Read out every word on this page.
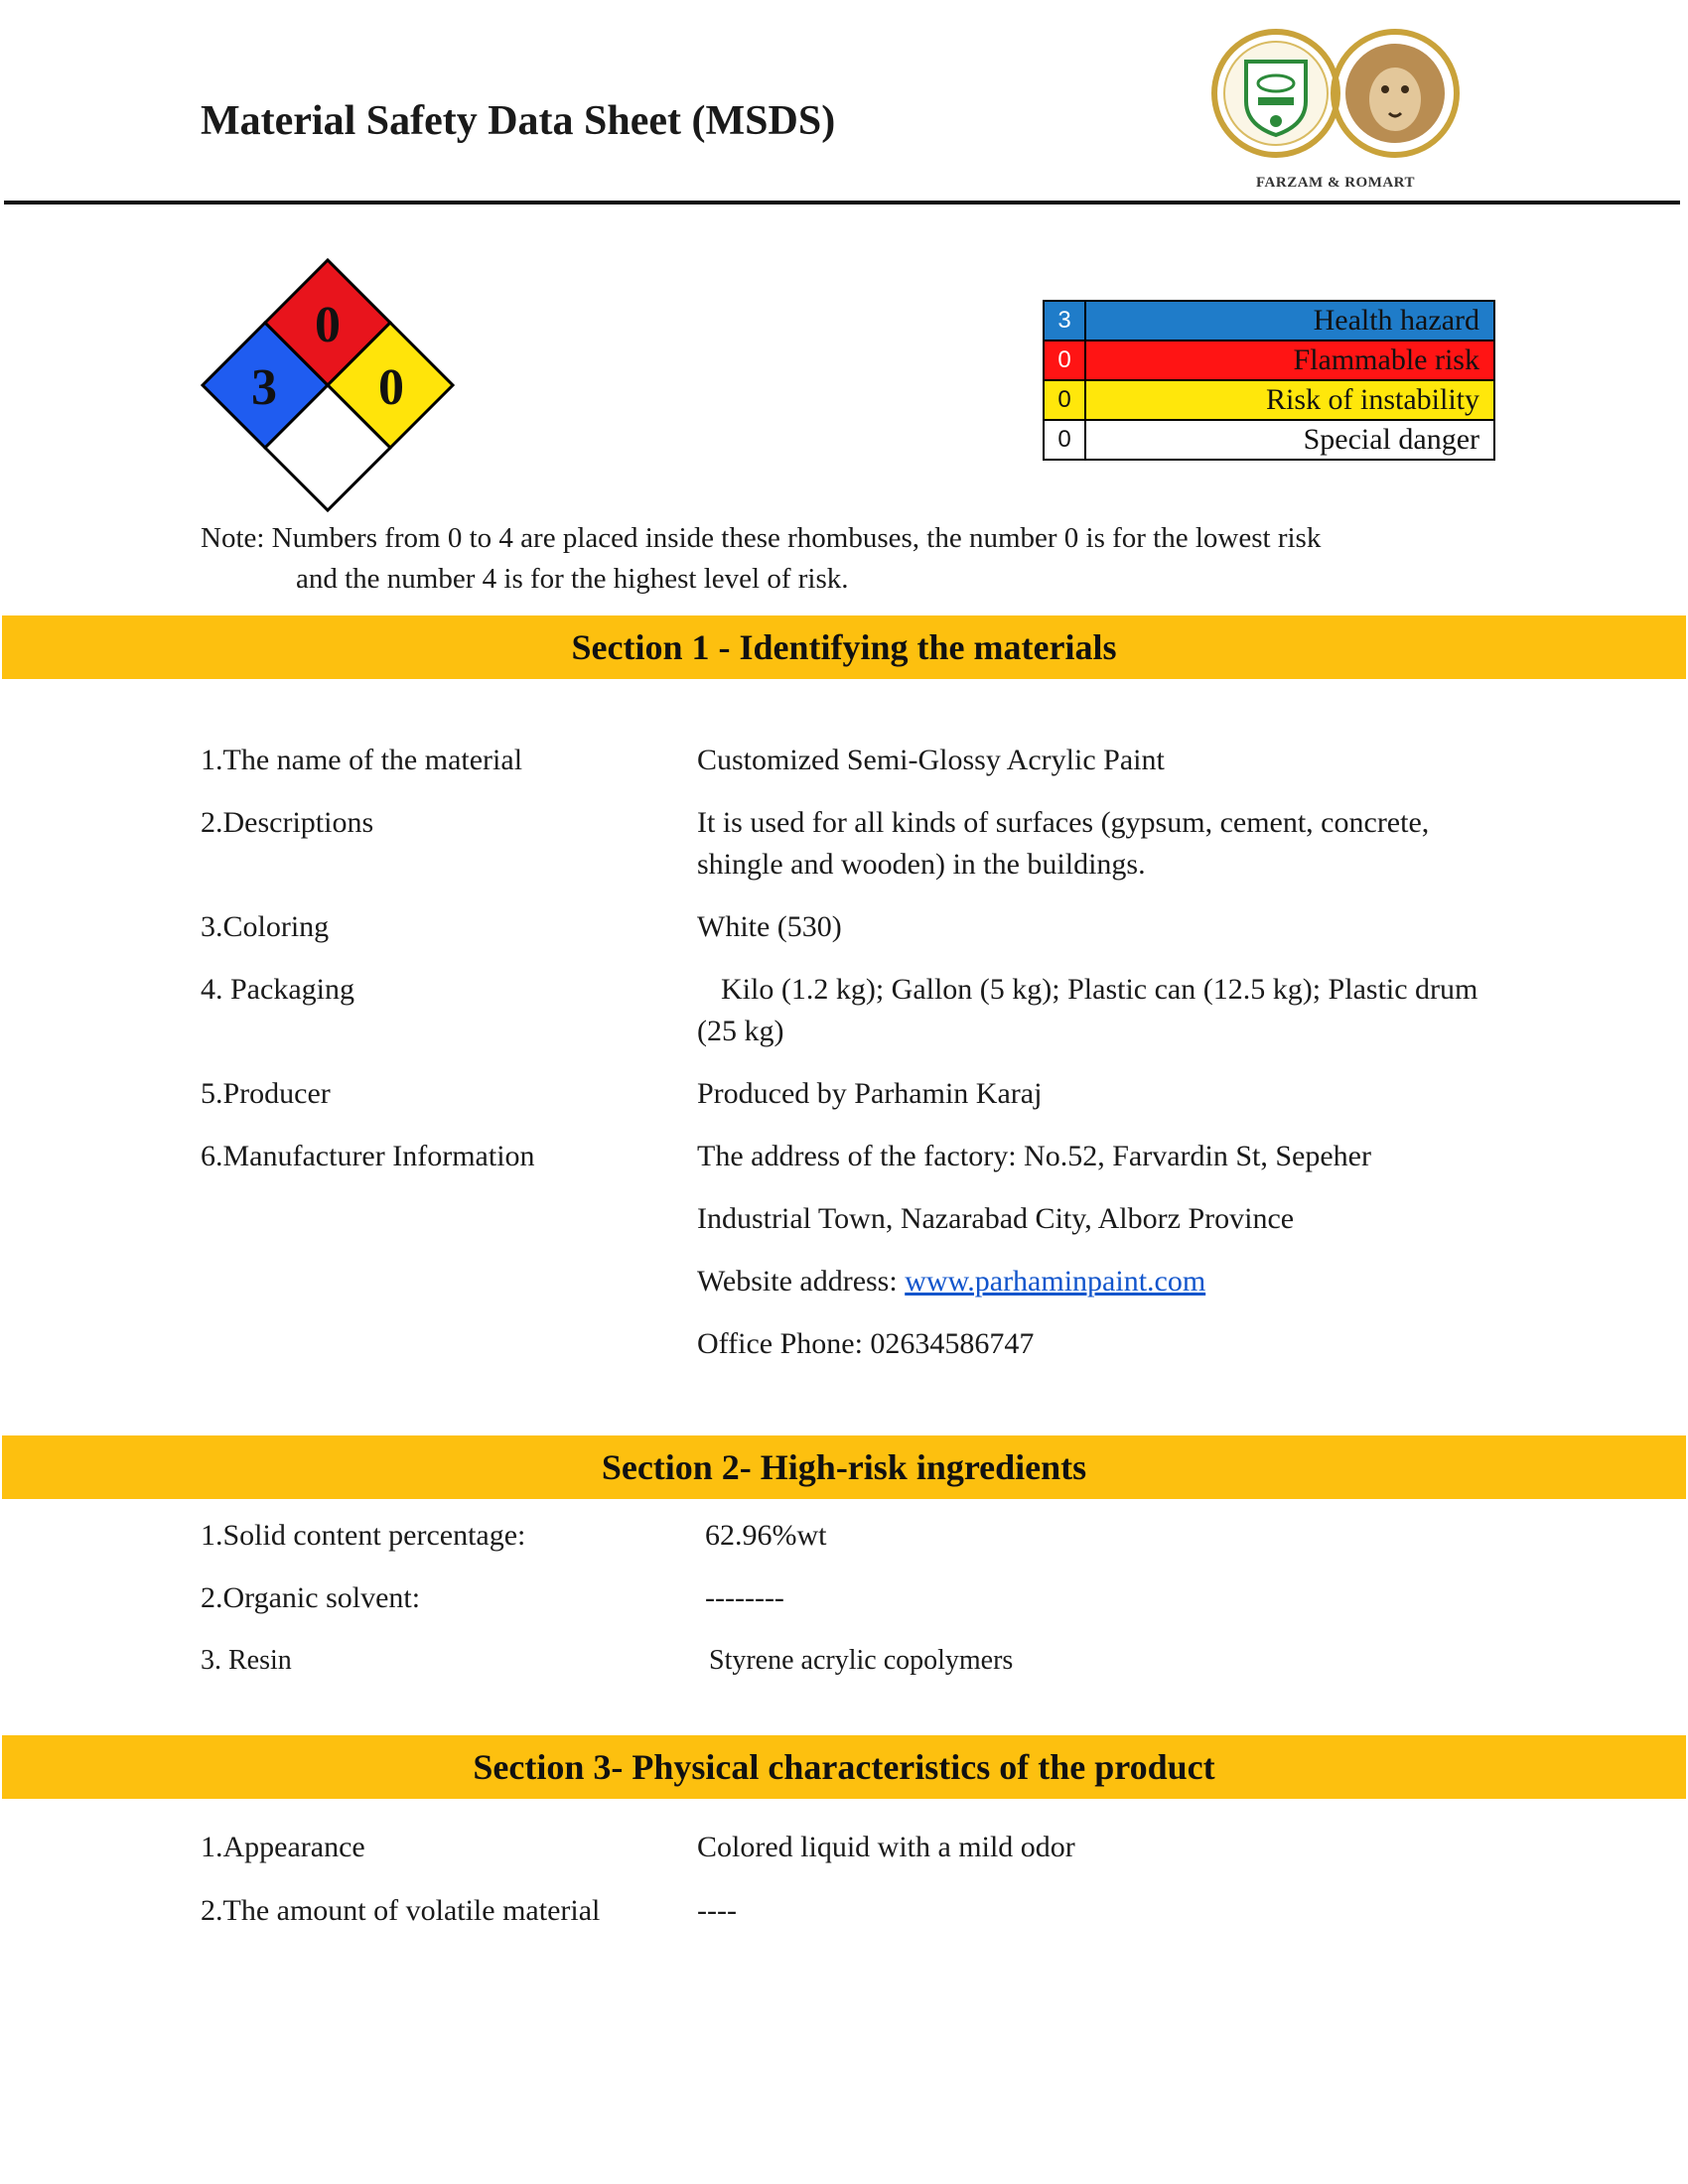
Material Safety Data Sheet (MSDS)
FARZAM & ROMART
0
3 0
3	Health hazard
0	Flammable risk
0	Risk of instability
0	Special danger
Note: Numbers from 0 to 4 are placed inside these rhombuses, the number 0 is for the lowest risk
and the number 4 is for the highest level of risk.
Section 1 - Identifying the materials
1.The name of the material	Customized Semi-Glossy Acrylic Paint
2.Descriptions	It is used for all kinds of surfaces (gypsum, cement, concrete, shingle and wooden) in the buildings.
3.Coloring	White (530)
4. Packaging	Kilo (1.2 kg); Gallon (5 kg); Plastic can (12.5 kg); Plastic drum (25 kg)
5.Producer	Produced by Parhamin Karaj
6.Manufacturer Information	The address of the factory: No.52, Farvardin St, Sepeher
Industrial Town, Nazarabad City, Alborz Province
Website address: www.parhaminpaint.com
Office Phone: 02634586747
Section 2- High-risk ingredients
1.Solid content percentage:	62.96%wt
2.Organic solvent:	--------
3. Resin	Styrene acrylic copolymers
Section 3- Physical characteristics of the product
1.Appearance	Colored liquid with a mild odor
2.The amount of volatile material	----
